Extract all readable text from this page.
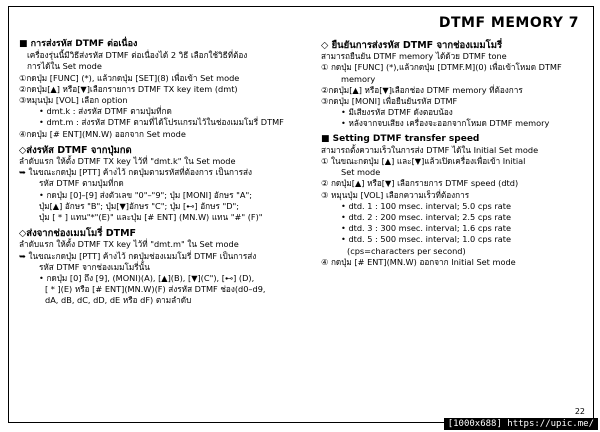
DTMF MEMORY 7
■ การส่งรหัส DTMF ต่อเนื่อง
เครื่องรุ่นนี้มีวิธีส่งรหัส DTMF ต่อเนื่องได้ 2 วิธี เลือกใช้วิธีที่ต้อง
การได้ใน Set mode
①กดปุ่ม [FUNC] (*), แล้วกดปุ่ม [SET](8) เพื่อเข้า Set mode
②กดปุ่ม[▲] หรือ[▼]เลือกรายการ DTMF TX key item (dmt)
③หมุนปุ่ม [VOL] เลือก option
• dmt.k : ส่งรหัส DTMF ตามปุ่มที่กด
• dmt.m : ส่งรหัส DTMF ตามที่ได้โปรแกรมไว้ในช่องเมมโมรี่ DTMF
④กดปุ่ม [# ENT](MN.W) ออกจาก Set mode
◇ส่งรหัส DTMF จากปุ่มกด
ลำดับแรก ให้ตั้ง DTMF TX key ไว้ที่ "dmt.k" ใน Set mode
➥ ในขณะกดปุ่ม [PTT] ค้างไว้ กดปุ่มตามรหัสที่ต้องการ เป็นการส่ง
รหัส DTMF ตามปุ่มที่กด
• กดปุ่ม [0]–[9] ส่งตัวเลข "0"–"9"; ปุ่ม [MONI] อักษร "A";
ปุ่ม[▲] อักษร "B"; ปุ่ม[▼]อักษร "C"; ปุ่ม [⊷] อักษร "D";
ปุ่ม [ * ] แทน"*"(E)" และปุ่ม [# ENT] (MN.W) แทน "#" (F)"
◇ส่งจากช่องเมมโมรี่ DTMF
ลำดับแรก ให้ตั้ง DTMF TX key ไว้ที่ "dmt.m" ใน Set mode
➥ ในขณะกดปุ่ม [PTT] ค้างไว้ กดปุ่มช่องเมมโมรี่ DTMF เป็นการส่ง
รหัส DTMF จากช่องเมมโมรี่นั้น
• กดปุ่ม [0] ถึง [9], (MONI)(A), [▲](B), [▼](C"), [⊷] (D),
[ * ](E) หรือ [# ENT](MN.W)(F) ส่งรหัส DTMF ช่อง(d0–d9,
dA, dB, dC, dD, dE หรือ dF) ตามลำดับ
◇ ยืนยันการส่งรหัส DTMF จากช่องเมมโมรี่
สามารถยืนยัน DTMF memory ได้ด้วย DTMF tone
① กดปุ่ม [FUNC] (*),แล้วกดปุ่ม [DTMF.M](0) เพื่อเข้าโหมด DTMF
memory
②กดปุ่ม[▲] หรือ[▼]เลือกช่อง DTMF memory ที่ต้องการ
③กดปุ่ม [MONI] เพื่อยืนยันรหัส DTMF
• มีเสียงรหัส DTMF ดังตอบน้อง
• หลังจากจบเสียง เครื่องจะออกจากโหมด DTMF memory
■ Setting DTMF transfer speed
สามารถตั้งความเร็วในการส่ง DTMF ได้ใน Initial Set mode
① ในขณะกดปุ่ม [▲] และ[▼]แล้วเปิดเครื่องเพื่อเข้า Initial
Set mode
② กดปุ่ม[▲] หรือ[▼] เลือกรายการ DTMF speed (dtd)
③ หมุนปุ่ม [VOL] เลือกความเร็วที่ต้องการ
• dtd. 1 : 100 msec. interval; 5.0 cps rate
• dtd. 2 : 200 msec. interval; 2.5 cps rate
• dtd. 3 : 300 msec. interval; 1.6 cps rate
• dtd. 5 : 500 msec. interval; 1.0 cps rate
(cps=characters per second)
④ กดปุ่ม [# ENT](MN.W) ออกจาก Initial Set mode
22
[1000x688] https://upic.me/
